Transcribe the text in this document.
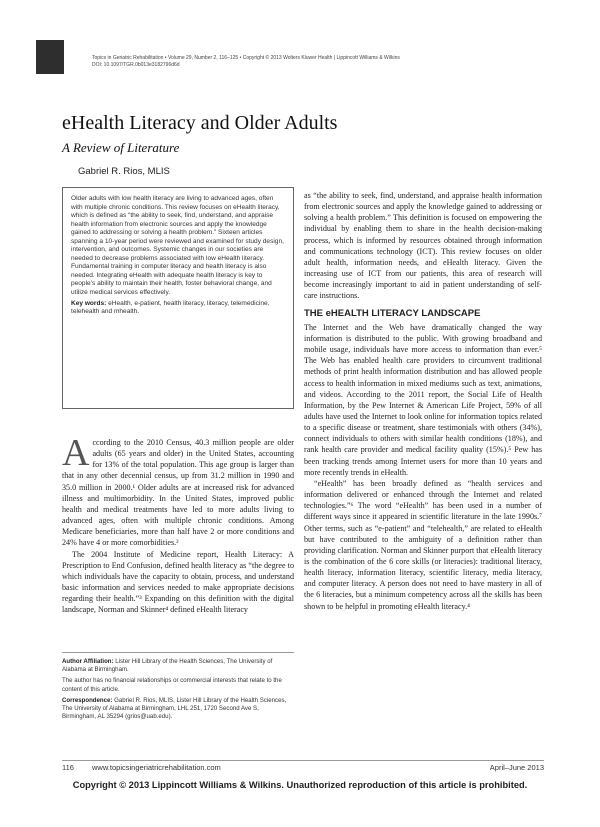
Topics in Geriatric Rehabilitation • Volume 29, Number 2, 116–125 • Copyright © 2013 Wolters Kluwer Health | Lippincott Williams & Wilkins
DOI: 10.1097/TGR.0b013e3182796d6d
eHealth Literacy and Older Adults
A Review of Literature
Gabriel R. Rios, MLIS

Older adults with low health literacy are living to advanced ages, often with multiple chronic conditions. This review focuses on eHealth literacy, which is defined as “the ability to seek, find, understand, and appraise health information from electronic sources and apply the knowledge gained to addressing or solving a health problem.” Sixteen articles spanning a 10-year period were reviewed and examined for study design, intervention, and outcomes. Systemic changes in our societies are needed to decrease problems associated with low eHealth literacy. Fundamental training in computer literacy and health literacy is also needed. Integrating eHealth with adequate health literacy is key to people’s ability to maintain their health, foster behavioral change, and utilize medical services effectively.

Key words: eHealth, e-patient, health literacy, literacy, telemedicine, telehealth and mhealth.

According to the 2010 Census, 40.3 million people are older adults (65 years and older) in the United States, accounting for 13% of the total population. This age group is larger than that in any other decennial census, up from 31.2 million in 1990 and 35.0 million in 2000.¹ Older adults are at increased risk for advanced illness and multimorbidity. In the United States, improved public health and medical treatments have led to more adults living to advanced ages, often with multiple chronic conditions. Among Medicare beneficiaries, more than half have 2 or more conditions and 24% have 4 or more comorbidities.²

The 2004 Institute of Medicine report, Health Literacy: A Prescription to End Confusion, defined health literacy as “the degree to which individuals have the capacity to obtain, process, and understand basic information and services needed to make appropriate decisions regarding their health.”³ Expanding on this definition with the digital landscape, Norman and Skinner⁴ defined eHealth literacy

Author Affiliation: Lister Hill Library of the Health Sciences, The University of Alabama at Birmingham.

The author has no financial relationships or commercial interests that relate to the content of this article.

Correspondence: Gabriel R. Rios, MLIS, Lister Hill Library of the Health Sciences, The University of Alabama at Birmingham, LHL 251, 1720 Second Ave S, Birmingham, AL 35294 (grios@uab.edu).

as “the ability to seek, find, understand, and appraise health information from electronic sources and apply the knowledge gained to addressing or solving a health problem.” This definition is focused on empowering the individual by enabling them to share in the health decision-making process, which is informed by resources obtained through information and communications technology (ICT). This review focuses on older adult health, information needs, and eHealth literacy. Given the increasing use of ICT from our patients, this area of research will become increasingly important to aid in patient understanding of self-care instructions.

THE eHEALTH LITERACY LANDSCAPE

The Internet and the Web have dramatically changed the way information is distributed to the public. With growing broadband and mobile usage, individuals have more access to information than ever.⁵ The Web has enabled health care providers to circumvent traditional methods of print health information distribution and has allowed people access to health information in mixed mediums such as text, animations, and videos. According to the 2011 report, the Social Life of Health Information, by the Pew Internet & American Life Project, 59% of all adults have used the Internet to look online for information topics related to a specific disease or treatment, share testimonials with others (34%), connect individuals to others with similar health conditions (18%), and rank health care provider and medical facility quality (15%).⁵ Pew has been tracking trends among Internet users for more than 10 years and more recently trends in eHealth.

“eHealth” has been broadly defined as “health services and information delivered or enhanced through the Internet and related technologies.”⁶ The word “eHealth” has been used in a number of different ways since it appeared in scientific literature in the late 1990s.⁷ Other terms, such as “e-patient” and “telehealth,” are related to eHealth but have contributed to the ambiguity of a definition rather than providing clarification. Norman and Skinner purport that eHealth literacy is the combination of the 6 core skills (or literacies): traditional literacy, health literacy, information literacy, scientific literacy, media literacy, and computer literacy. A person does not need to have mastery in all of the 6 literacies, but a minimum competency across all the skills has been shown to be helpful in promoting eHealth literacy.⁴

116 www.topicsingeriatricrehabilitation.com	April–June 2013
Copyright © 2013 Lippincott Williams & Wilkins. Unauthorized reproduction of this article is prohibited.
